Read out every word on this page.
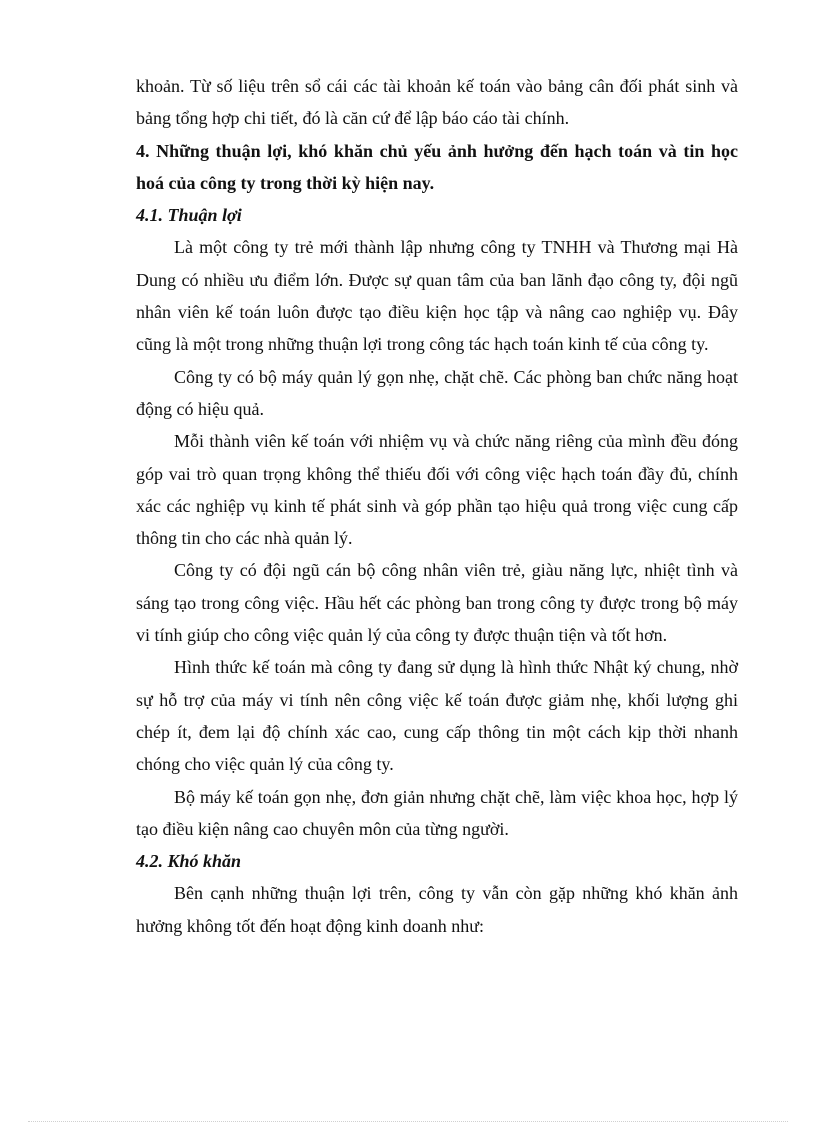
khoản. Từ số liệu trên sổ cái các tài khoản kế toán vào bảng cân đối phát sinh và bảng tổng hợp chi tiết, đó là căn cứ để lập báo cáo tài chính.

4. Những thuận lợi, khó khăn chủ yếu ảnh hưởng đến hạch toán và tin học hoá của công ty trong thời kỳ hiện nay.

4.1. Thuận lợi

Là một công ty trẻ mới thành lập nhưng công ty TNHH và Thương mại Hà Dung có nhiều ưu điểm lớn. Được sự quan tâm của ban lãnh đạo công ty, đội ngũ nhân viên kế toán luôn được tạo điều kiện học tập và nâng cao nghiệp vụ. Đây cũng là một trong những thuận lợi trong công tác hạch toán kinh tế của công ty.

Công ty có bộ máy quản lý gọn nhẹ, chặt chẽ. Các phòng ban chức năng hoạt động có hiệu quả.

Mỗi thành viên kế toán với nhiệm vụ và chức năng riêng của mình đều đóng góp vai trò quan trọng không thể thiếu đối với công việc hạch toán đầy đủ, chính xác các nghiệp vụ kinh tế phát sinh và góp phần tạo hiệu quả trong việc cung cấp thông tin cho các nhà quản lý.

Công ty có đội ngũ cán bộ công nhân viên trẻ, giàu năng lực, nhiệt tình và sáng tạo trong công việc. Hầu hết các phòng ban trong công ty được trong bộ máy vi tính giúp cho công việc quản lý của công ty được thuận tiện và tốt hơn.

Hình thức kế toán mà công ty đang sử dụng là hình thức Nhật ký chung, nhờ sự hỗ trợ của máy vi tính nên công việc kế toán được giảm nhẹ, khối lượng ghi chép ít, đem lại độ chính xác cao, cung cấp thông tin một cách kịp thời nhanh chóng cho việc quản lý của công ty.

Bộ máy kế toán gọn nhẹ, đơn giản nhưng chặt chẽ, làm việc khoa học, hợp lý tạo điều kiện nâng cao chuyên môn của từng người.

4.2. Khó khăn

Bên cạnh những thuận lợi trên, công ty vẫn còn gặp những khó khăn ảnh hưởng không tốt đến hoạt động kinh doanh như:
